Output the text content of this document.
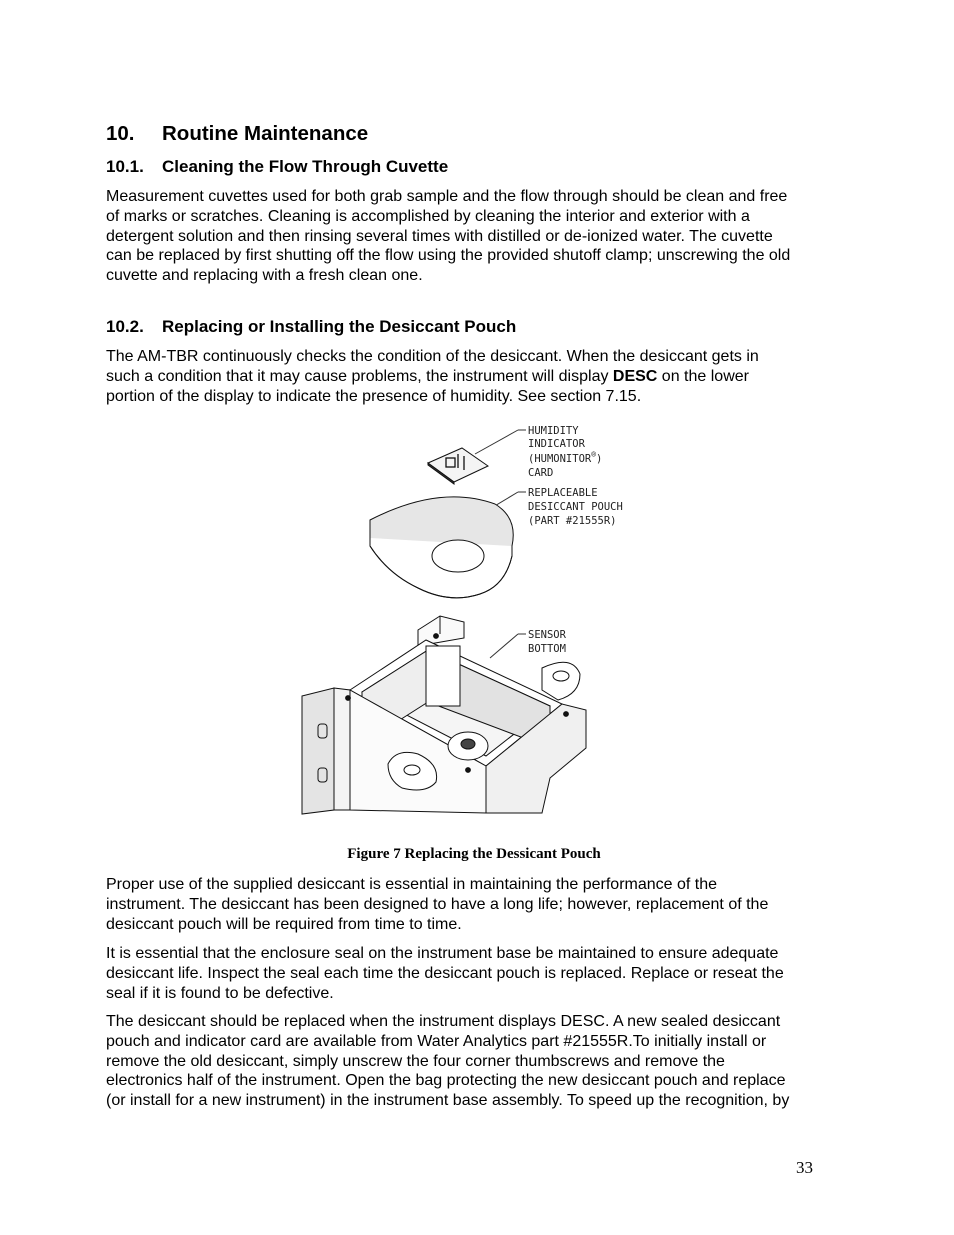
10. Routine Maintenance
10.1. Cleaning the Flow Through Cuvette
Measurement cuvettes used for both grab sample and the flow through should be clean and free
of marks or scratches. Cleaning is accomplished by cleaning the interior and exterior with a
detergent solution and then rinsing several times with distilled or de-ionized water. The cuvette
can be replaced by first shutting off the flow using the provided shutoff clamp; unscrewing the old
cuvette and replacing with a fresh clean one.
10.2. Replacing or Installing the Desiccant Pouch
The AM-TBR continuously checks the condition of the desiccant. When the desiccant gets in
such a condition that it may cause problems, the instrument will display DESC on the lower
portion of the display to indicate the presence of humidity. See section 7.15.
HUMIDITY
INDICATOR
(HUMONITOR®)
CARD
REPLACEABLE
DESICCANT POUCH
(PART #21555R)
SENSOR
BOTTOM
Figure 7 Replacing the Dessicant Pouch
Proper use of the supplied desiccant is essential in maintaining the performance of the
instrument. The desiccant has been designed to have a long life; however, replacement of the
desiccant pouch will be required from time to time.
It is essential that the enclosure seal on the instrument base be maintained to ensure adequate
desiccant life. Inspect the seal each time the desiccant pouch is replaced. Replace or reseat the
seal if it is found to be defective.
The desiccant should be replaced when the instrument displays DESC. A new sealed desiccant
pouch and indicator card are available from Water Analytics part #21555R.To initially install or
remove the old desiccant, simply unscrew the four corner thumbscrews and remove the
electronics half of the instrument. Open the bag protecting the new desiccant pouch and replace
(or install for a new instrument) in the instrument base assembly. To speed up the recognition, by
33
